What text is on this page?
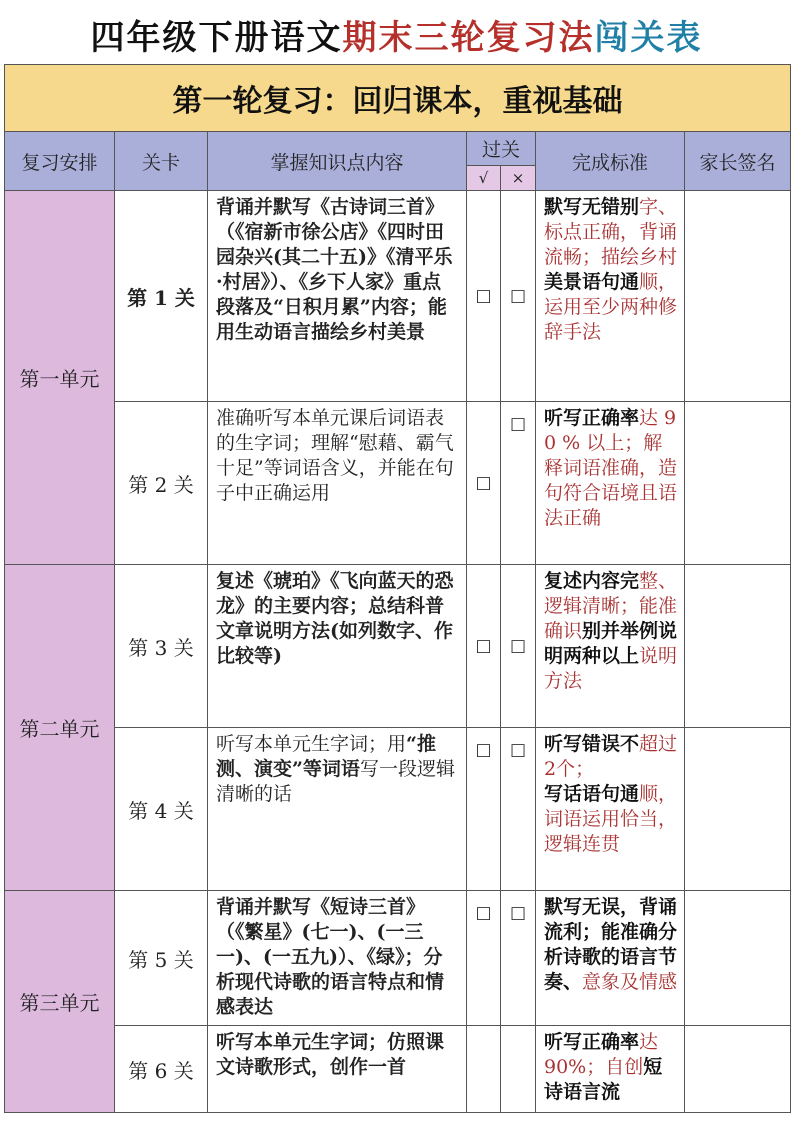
四年级下册语文期末三轮复习法闯关表
第一轮复习：回归课本，重视基础						
复习安排	关卡	掌握知识点内容	过关		完成标准	家长签名
			√	×		
第一单元	第 1 关	背诵并默写《古诗词三首》（《宿新市徐公店》《四时田园杂兴(其二十五)》《清平乐 ·村居》）、《乡下人家》重点段落及“日积月累”内容；能用生动语言描绘乡村美景	□	□	默写无错别字、标点正确，背诵流畅；描绘乡村美景语句通顺，运用至少两种修辞手法	
	第 2 关	准确听写本单元课后词语表的生字词；理解“慰藉、霸气十足”等词语含义，并能在句子中正确运用	□	□	听写正确率达 9 0 % 以上；解释词语准确，造句符合语境且语法正确	
第二单元	第 3 关	复述《琥珀》《飞向蓝天的恐龙》的主要内容；总结科普文章说明方法(如列数字、作比较等)	□	□	复述内容完整、逻辑清晰；能准确识别并举例说明两种以上说明方法	
	第 4 关	听写本单元生字词；用“推测、演变”等词语写一段逻辑清晰的话	□	□	听写错误不超过2个；
写话语句通顺，词语运用恰当，逻辑连贯	
第三单元	第 5 关	背诵并默写《短诗三首》（《繁星》(七一)、(一三一)、(一五九)）、《绿》；分析现代诗歌的语言特点和情感表达	□	□	默写无误，背诵流利；能准确分析诗歌的语言节奏、意象及情感	
	第 6 关	听写本单元生字词；仿照课文诗歌形式，创作一首			听写正确率达90%；自创短诗语言流	
